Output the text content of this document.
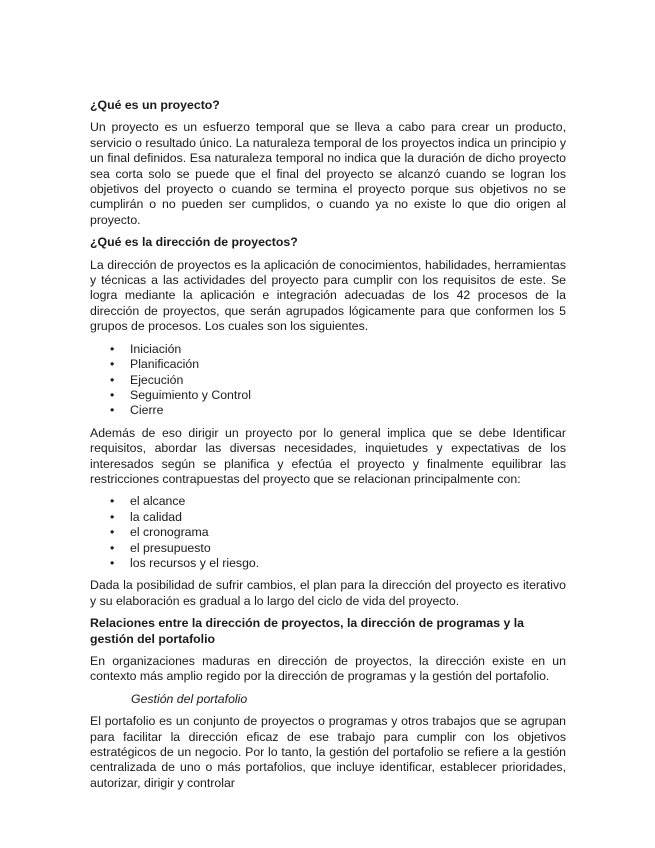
¿Qué es un proyecto?

Un proyecto es un esfuerzo temporal que se lleva a cabo para crear un producto, servicio o resultado único. La naturaleza temporal de los proyectos indica un principio y un final definidos. Esa naturaleza temporal no indica que la duración de dicho proyecto sea corta solo se puede que el final del proyecto se alcanzó cuando se logran los objetivos del proyecto o cuando se termina el proyecto porque sus objetivos no se cumplirán o no pueden ser cumplidos, o cuando ya no existe lo que dio origen al proyecto.

¿Qué es la dirección de proyectos?

La dirección de proyectos es la aplicación de conocimientos, habilidades, herramientas y técnicas a las actividades del proyecto para cumplir con los requisitos de este. Se logra mediante la aplicación e integración adecuadas de los 42 procesos de la dirección de proyectos, que serán agrupados lógicamente para que conformen los 5 grupos de procesos. Los cuales son los siguientes.

• Iniciación
• Planificación
• Ejecución
• Seguimiento y Control
• Cierre

Además de eso dirigir un proyecto por lo general implica que se debe Identificar requisitos, abordar las diversas necesidades, inquietudes y expectativas de los interesados según se planifica y efectúa el proyecto y finalmente equilibrar las restricciones contrapuestas del proyecto que se relacionan principalmente con:

• el alcance
• la calidad
• el cronograma
• el presupuesto
• los recursos y el riesgo.

Dada la posibilidad de sufrir cambios, el plan para la dirección del proyecto es iterativo y su elaboración es gradual a lo largo del ciclo de vida del proyecto.

Relaciones entre la dirección de proyectos, la dirección de programas y la gestión del portafolio

En organizaciones maduras en dirección de proyectos, la dirección existe en un contexto más amplio regido por la dirección de programas y la gestión del portafolio.

Gestión del portafolio

El portafolio es un conjunto de proyectos o programas y otros trabajos que se agrupan para facilitar la dirección eficaz de ese trabajo para cumplir con los objetivos estratégicos de un negocio. Por lo tanto, la gestión del portafolio se refiere a la gestión centralizada de uno o más portafolios, que incluye identificar, establecer prioridades, autorizar, dirigir y controlar
